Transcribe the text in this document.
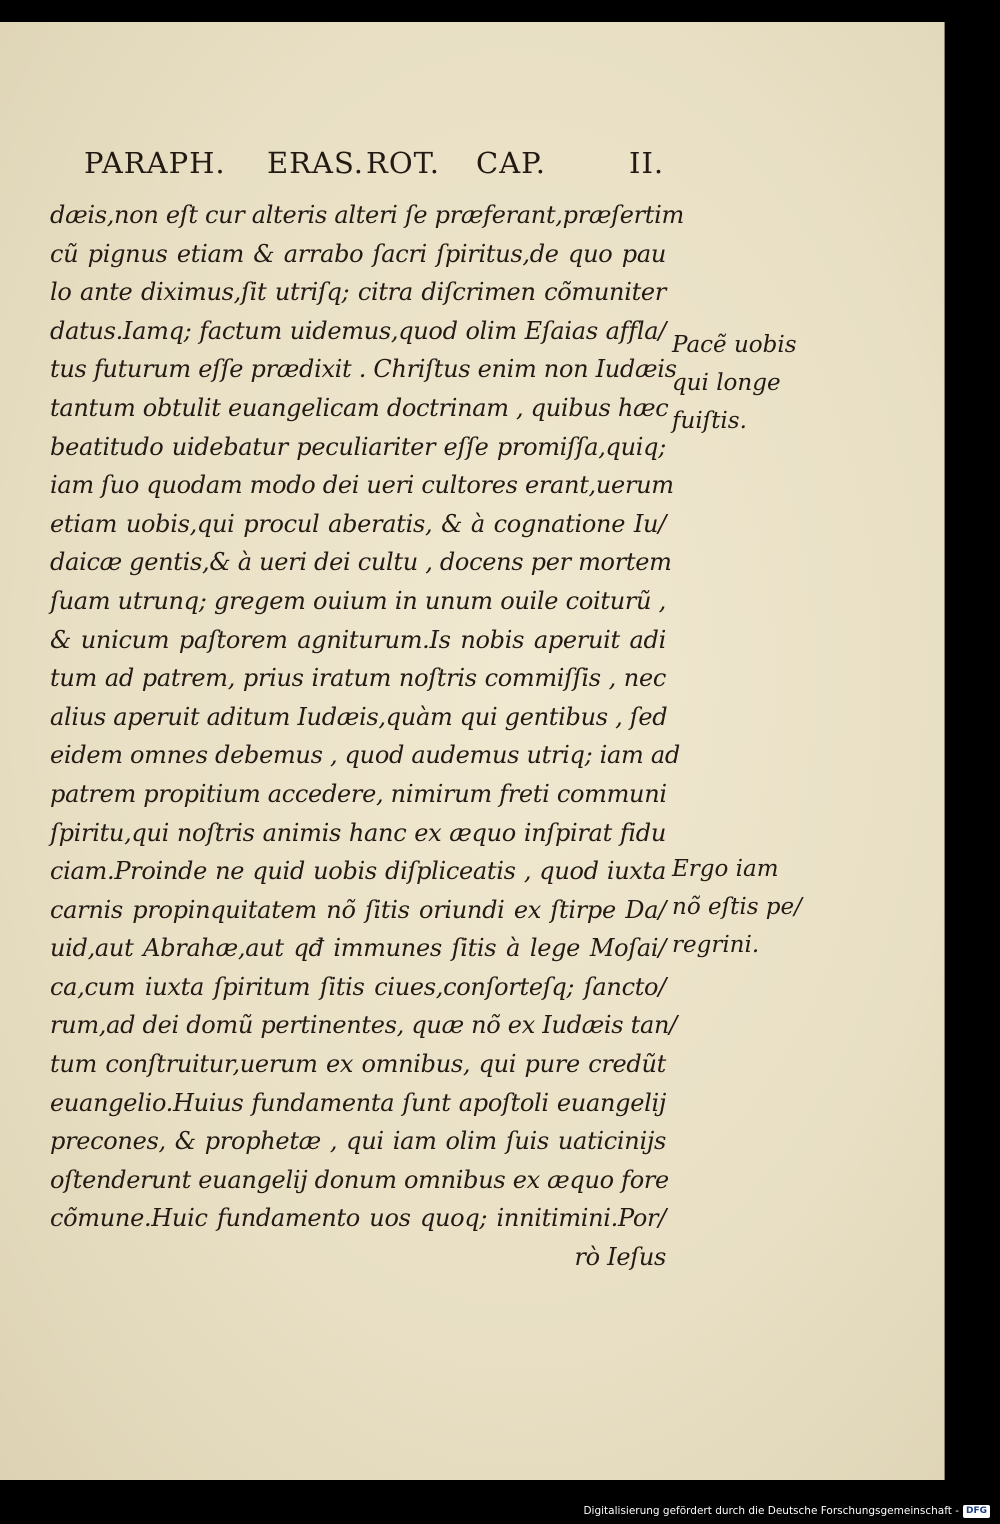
PARAPH. ERAS. ROT. CAP.	II.
dæis,non eſt cur alteris alteri ſe præferant,præſertim
cũ pignus etiam & arrabo ſacri ſpiritus,de quo pau
lo ante diximus,ſit utriſq; citra diſcrimen cõmuniter
datus.Iamq; factum uidemus,quod olim Eſaias affla/
tus futurum eſſe prædixit . Chriſtus enim non Iudæis
tantum obtulit euangelicam doctrinam , quibus hæc
beatitudo uidebatur peculiariter eſſe promiſſa,quiq;
iam ſuo quodam modo dei ueri cultores erant,uerum
etiam uobis,qui procul aberatis, & à cognatione Iu/
daicæ gentis,& à ueri dei cultu , docens per mortem
ſuam utrunq; gregem ouium in unum ouile coiturũ ,
& unicum paſtorem agniturum.Is nobis aperuit adi
tum ad patrem, prius iratum noſtris commiſſis , nec
alius aperuit aditum Iudæis,quàm qui gentibus , ſed
eidem omnes debemus , quod audemus utriq; iam ad
patrem propitium accedere, nimirum freti communi
ſpiritu,qui noſtris animis hanc ex æquo inſpirat fidu
ciam.Proinde ne quid uobis diſpliceatis , quod iuxta
carnis propinquitatem nõ ſitis oriundi ex ſtirpe Da/
uid,aut Abrahæ,aut qđ immunes ſitis à lege Moſai/
ca,cum iuxta ſpiritum ſitis ciues,conſorteſq; ſancto/
rum,ad dei domũ pertinentes, quæ nõ ex Iudæis tan/
tum conſtruitur,uerum ex omnibus, qui pure credũt
euangelio.Huius fundamenta ſunt apoſtoli euangelij
precones, & prophetæ , qui iam olim ſuis uaticinijs
oſtenderunt euangelij donum omnibus ex æquo fore
cõmune.Huic fundamento uos quoq; innitimini.Por/
rò Ieſus
Pacẽ uobis
qui longe
fuiſtis.
Ergo iam
nõ eſtis pe/
regrini.
Digitalisierung gefördert durch die Deutsche Forschungsgemeinschaft - DFG
